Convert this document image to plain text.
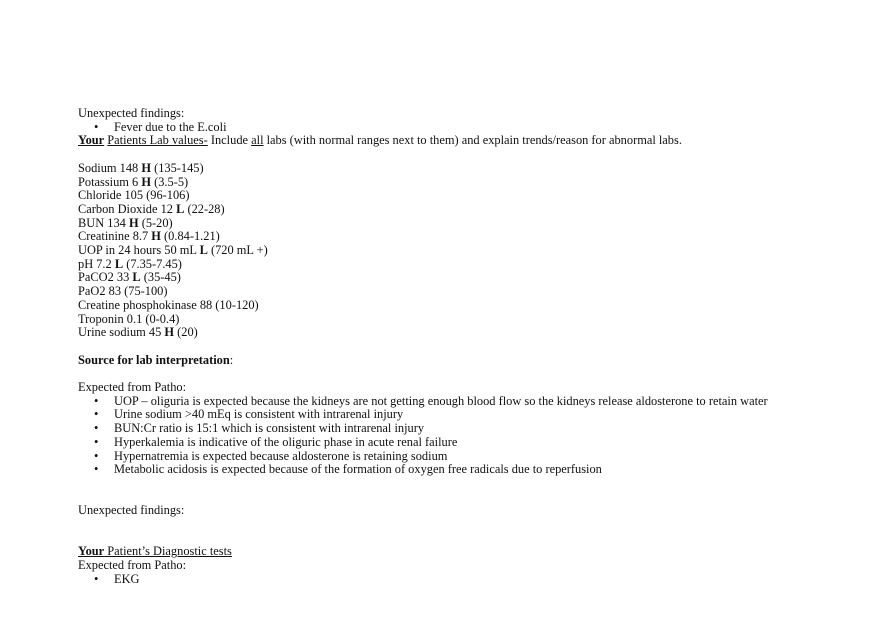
Unexpected findings:

• Fever due to the E.coli

Your Patients Lab values- Include all labs (with normal ranges next to them) and explain trends/reason for abnormal labs.

Sodium 148 H (135-145)

Potassium 6 H (3.5-5)

Chloride 105 (96-106)

Carbon Dioxide 12 L (22-28)

BUN 134 H (5-20)

Creatinine 8.7 H (0.84-1.21)

UOP in 24 hours 50 mL L (720 mL +)

pH 7.2 L (7.35-7.45)

PaCO2 33 L (35-45)

PaO2 83 (75-100)

Creatine phosphokinase 88 (10-120)

Troponin 0.1 (0-0.4)

Urine sodium 45 H (20)

Source for lab interpretation:

Expected from Patho:

• UOP – oliguria is expected because the kidneys are not getting enough blood flow so the kidneys release aldosterone to retain water
• Urine sodium >40 mEq is consistent with intrarenal injury
• BUN:Cr ratio is 15:1 which is consistent with intrarenal injury
• Hyperkalemia is indicative of the oliguric phase in acute renal failure
• Hypernatremia is expected because aldosterone is retaining sodium
• Metabolic acidosis is expected because of the formation of oxygen free radicals due to reperfusion

Unexpected findings:

Your Patient’s Diagnostic tests

Expected from Patho:

• EKG
